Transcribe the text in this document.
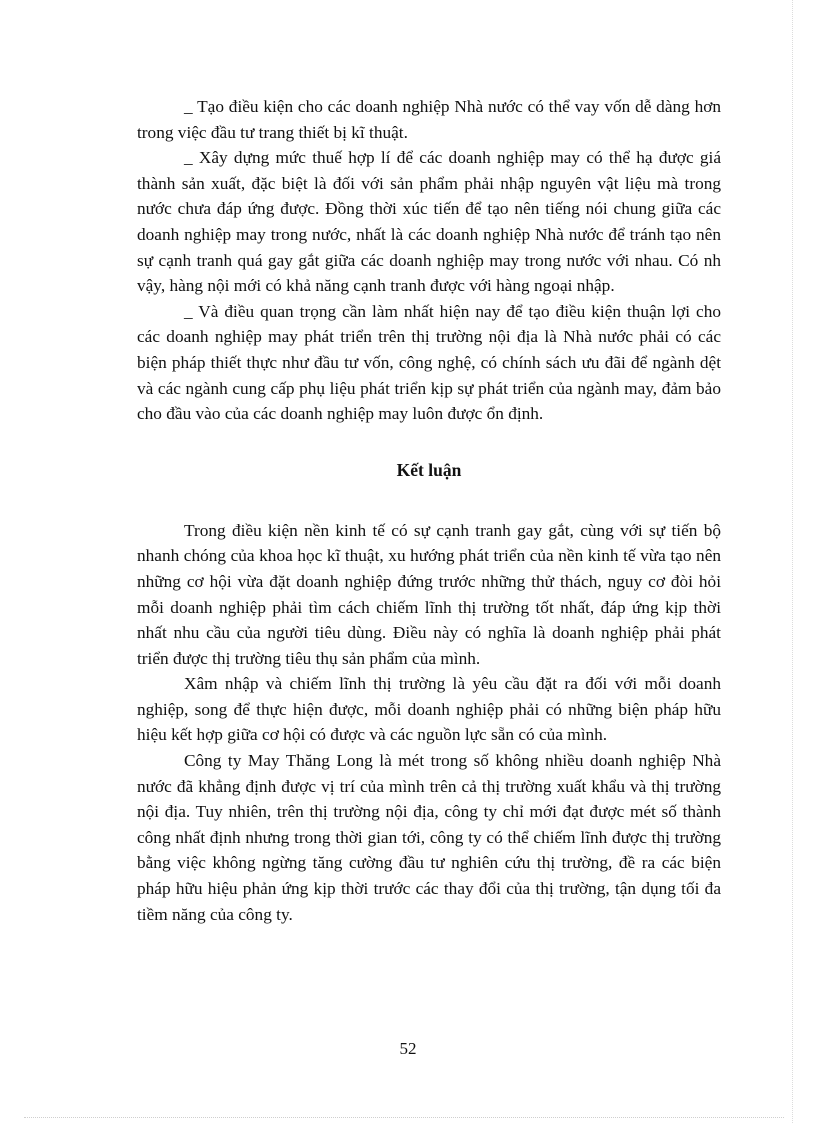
_ Tạo điều kiện cho các doanh nghiệp Nhà nước có thể vay vốn dễ dàng hơn trong việc đầu tư trang thiết bị kĩ thuật.

_ Xây dựng mức thuế hợp lí để các doanh nghiệp may có thể hạ được giá thành sản xuất, đặc biệt là đối với sản phẩm phải nhập nguyên vật liệu mà trong nước chưa đáp ứng được. Đồng thời xúc tiến để tạo nên tiếng nói chung giữa các doanh nghiệp may trong nước, nhất là các doanh nghiệp Nhà nước để tránh tạo nên sự cạnh tranh quá gay gắt giữa các doanh nghiệp may trong nước với nhau. Có nh vậy, hàng nội mới có khả năng cạnh tranh được với hàng ngoại nhập.

_ Và điều quan trọng cần làm nhất hiện nay để tạo điều kiện thuận lợi cho các doanh nghiệp may phát triển trên thị trường nội địa là Nhà nước phải có các biện pháp thiết thực như đầu tư vốn, công nghệ, có chính sách ưu đãi để ngành dệt và các ngành cung cấp phụ liệu phát triển kịp sự phát triển của ngành may, đảm bảo cho đầu vào của các doanh nghiệp may luôn được ổn định.

Kết luận

Trong điều kiện nền kinh tế có sự cạnh tranh gay gắt, cùng với sự tiến bộ nhanh chóng của khoa học kĩ thuật, xu hướng phát triển của nền kinh tế vừa tạo nên những cơ hội vừa đặt doanh nghiệp đứng trước những thử thách, nguy cơ đòi hỏi mỗi doanh nghiệp phải tìm cách chiếm lĩnh thị trường tốt nhất, đáp ứng kịp thời nhất nhu cầu của người tiêu dùng. Điều này có nghĩa là doanh nghiệp phải phát triển được thị trường tiêu thụ sản phẩm của mình.

Xâm nhập và chiếm lĩnh thị trường là yêu cầu đặt ra đối với mỗi doanh nghiệp, song để thực hiện được, mỗi doanh nghiệp phải có những biện pháp hữu hiệu kết hợp giữa cơ hội có được và các nguồn lực sẵn có của mình.

Công ty May Thăng Long là mét trong số không nhiều doanh nghiệp Nhà nước đã khẳng định được vị trí của mình trên cả thị trường xuất khẩu và thị trường nội địa. Tuy nhiên, trên thị trường nội địa, công ty chỉ mới đạt được mét số thành công nhất định nhưng trong thời gian tới, công ty có thể chiếm lĩnh được thị trường bằng việc không ngừng tăng cường đầu tư nghiên cứu thị trường, đề ra các biện pháp hữu hiệu phản ứng kịp thời trước các thay đổi của thị trường, tận dụng tối đa tiềm năng của công ty.

52
